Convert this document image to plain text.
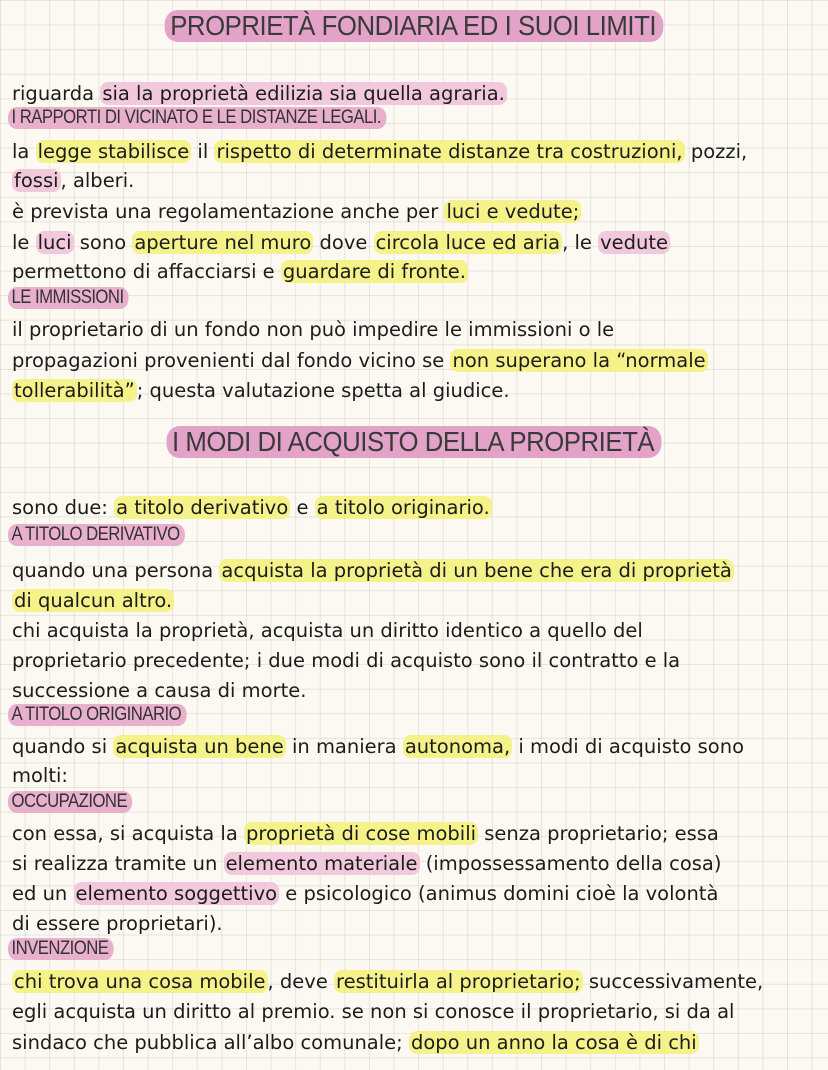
PROPRIETÀ FONDIARIA ED I SUOI LIMITI
riguarda sia la proprietà edilizia sia quella agraria.
I RAPPORTI DI VICINATO E LE DISTANZE LEGALI.
la legge stabilisce il rispetto di determinate distanze tra costruzioni, pozzi,
fossi , alberi.
è prevista una regolamentazione anche per luci e vedute;
le luci sono aperture nel muro dove circola luce ed aria , le vedute
permettono di affacciarsi e guardare di fronte.
LE IMMISSIONI
il proprietario di un fondo non può impedire le immissioni o le
propagazioni provenienti dal fondo vicino se non superano la “normale
tollerabilità” ; questa valutazione spetta al giudice.
I MODI DI ACQUISTO DELLA PROPRIETÀ
sono due: a titolo derivativo e a titolo originario.
A TITOLO DERIVATIVO
quando una persona acquista la proprietà di un bene che era di proprietà
di qualcun altro.
chi acquista la proprietà, acquista un diritto identico a quello del
proprietario precedente; i due modi di acquisto sono il contratto e la
successione a causa di morte.
A TITOLO ORIGINARIO
quando si acquista un bene in maniera autonoma, i modi di acquisto sono
molti:
OCCUPAZIONE
con essa, si acquista la proprietà di cose mobili senza proprietario; essa
si realizza tramite un elemento materiale (impossessamento della cosa)
ed un elemento soggettivo e psicologico (animus domini cioè la volontà
di essere proprietari).
INVENZIONE
chi trova una cosa mobile , deve restituirla al proprietario; successivamente,
egli acquista un diritto al premio. se non si conosce il proprietario, si da al
sindaco che pubblica all’albo comunale; dopo un anno la cosa è di chi
